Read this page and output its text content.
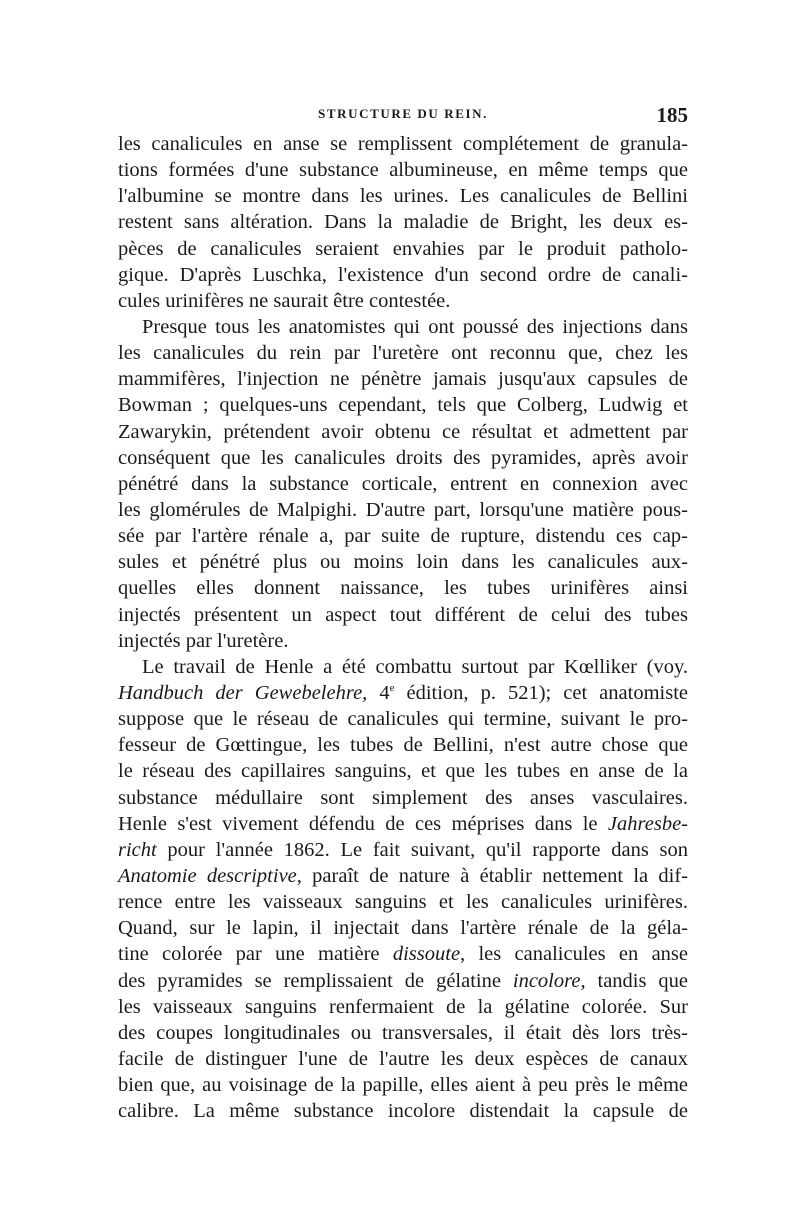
STRUCTURE DU REIN.	185
les canalicules en anse se remplissent complétement de granula-
tions formées d'une substance albumineuse, en même temps que
l'albumine se montre dans les urines. Les canalicules de Bellini
restent sans altération. Dans la maladie de Bright, les deux es-
pèces de canalicules seraient envahies par le produit patholo-
gique. D'après Luschka, l'existence d'un second ordre de canali-
cules urinifères ne saurait être contestée.
Presque tous les anatomistes qui ont poussé des injections dans
les canalicules du rein par l'uretère ont reconnu que, chez les
mammifères, l'injection ne pénètre jamais jusqu'aux capsules de
Bowman ; quelques-uns cependant, tels que Colberg, Ludwig et
Zawarykin, prétendent avoir obtenu ce résultat et admettent par
conséquent que les canalicules droits des pyramides, après avoir
pénétré dans la substance corticale, entrent en connexion avec
les glomérules de Malpighi. D'autre part, lorsqu'une matière pous-
sée par l'artère rénale a, par suite de rupture, distendu ces cap-
sules et pénétré plus ou moins loin dans les canalicules aux-
quelles elles donnent naissance, les tubes urinifères ainsi
injectés présentent un aspect tout différent de celui des tubes
injectés par l'uretère.
Le travail de Henle a été combattu surtout par Kœlliker (voy.
Handbuch der Gewebelehre, 4e édition, p. 521); cet anatomiste
suppose que le réseau de canalicules qui termine, suivant le pro-
fesseur de Gœttingue, les tubes de Bellini, n'est autre chose que
le réseau des capillaires sanguins, et que les tubes en anse de la
substance médullaire sont simplement des anses vasculaires.
Henle s'est vivement défendu de ces méprises dans le Jahresbe-
richt pour l'année 1862. Le fait suivant, qu'il rapporte dans son
Anatomie descriptive, paraît de nature à établir nettement la dif-
rence entre les vaisseaux sanguins et les canalicules urinifères.
Quand, sur le lapin, il injectait dans l'artère rénale de la géla-
tine colorée par une matière dissoute, les canalicules en anse
des pyramides se remplissaient de gélatine incolore, tandis que
les vaisseaux sanguins renfermaient de la gélatine colorée. Sur
des coupes longitudinales ou transversales, il était dès lors très-
facile de distinguer l'une de l'autre les deux espèces de canaux
bien que, au voisinage de la papille, elles aient à peu près le même
calibre. La même substance incolore distendait la capsule de
